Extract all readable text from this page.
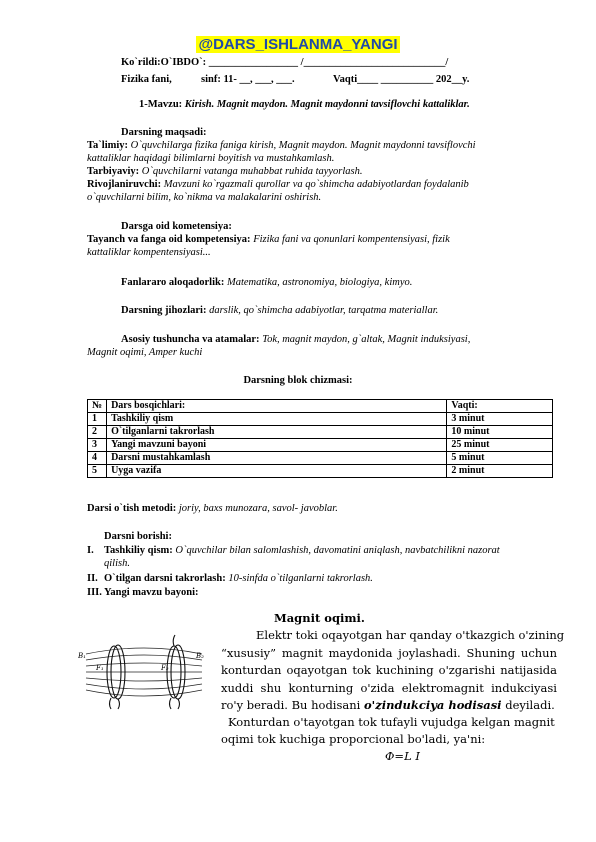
@DARS_ISHLANMA_YANGI
Ko`rildi:O`IBDO`: _________________ /___________________________/
Fizika fani,	sinf: 11- __, ___, ___.	Vaqti____ __________ 202__y.
1-Mavzu: Kirish. Magnit maydon. Magnit maydonni tavsiflovchi kattaliklar.
Darsning maqsadi:
Ta`limiy: O`quvchilarga fizika faniga kirish, Magnit maydon. Magnit maydonni tavsiflovchi
kattaliklar haqidagi bilimlarni boyitish va mustahkamlash.
Tarbiyaviy: O`quvchilarni vatanga muhabbat ruhida tayyorlash.
Rivojlaniruvchi: Mavzuni ko`rgazmali qurollar va qo`shimcha adabiyotlardan foydalanib
o`quvchilarni bilim, ko`nikma va malakalarini oshirish.
Darsga oid kometensiya:
Tayanch va fanga oid kompetensiya: Fizika fani va qonunlari kompentensiyasi, fizik
kattaliklar kompentensiyasi...
Fanlararo aloqadorlik: Matematika, astronomiya, biologiya, kimyo.
Darsning jihozlari: darslik, qo`shimcha adabiyotlar, tarqatma materiallar.
Asosiy tushuncha va atamalar: Tok, magnit maydon, g`altak, Magnit induksiyasi,
Magnit oqimi, Amper kuchi
Darsning blok chizmasi:
№	Dars bosqichlari:	Vaqti:
1	Tashkiliy qism	3 minut
2	O`tilganlarni takrorlash	10 minut
3	Yangi mavzuni bayoni	25 minut
4	Darsni mustahkamlash	5 minut
5	Uyga vazifa	2 minut
Darsi o`tish metodi: joriy, baxs munozara, savol- javoblar.
Darsni borishi:
I. Tashkiliy qism: O`quvchilar bilan salomlashish, davomatini aniqlash, navbatchilikni nazorat
qilish.
II. O`tilgan darsni takrorlash: 10-sinfda o`tilganlarni takrorlash.
III. Yangi mavzu bayoni:
Magnit oqimi.
Elektr toki oqayotgan har qanday o'tkazgich o'zining
“xususiy” magnit maydonida joylashadi. Shuning uchun
konturdan oqayotgan tok kuchining o'zgarishi natijasida
xuddi shu konturning o'zida elektromagnit indukciyasi
ro'y beradi. Bu hodisani o'zindukciya hodisasi deyiladi.
Konturdan o'tayotgan tok tufayli vujudga kelgan magnit
oqimi tok kuchiga proporcional bo'ladi, ya'ni:
Φ=L I
B₁
F₁	F₂
B₂
